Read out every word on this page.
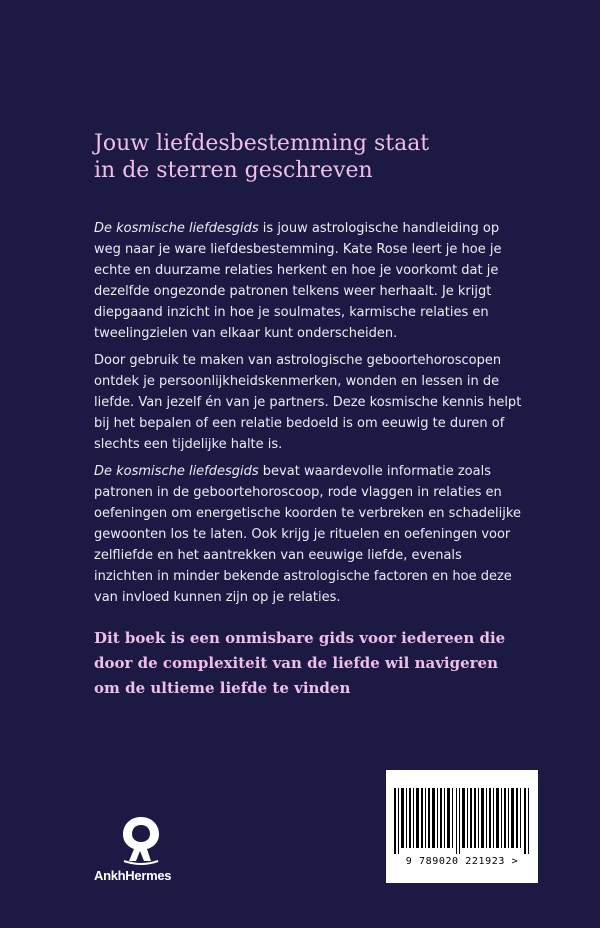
Jouw liefdesbestemming staat
in de sterren geschreven

De kosmische liefdesgids is jouw astrologische handleiding op weg naar je ware liefdesbestemming. Kate Rose leert je hoe je echte en duurzame relaties herkent en hoe je voorkomt dat je dezelfde ongezonde patronen telkens weer herhaalt. Je krijgt diepgaand inzicht in hoe je soulmates, karmische relaties en tweelingzielen van elkaar kunt onderscheiden.

Door gebruik te maken van astrologische geboortehoroscopen ontdek je persoonlijkheidskenmerken, wonden en lessen in de liefde. Van jezelf én van je partners. Deze kosmische kennis helpt bij het bepalen of een relatie bedoeld is om eeuwig te duren of slechts een tijdelijke halte is.

De kosmische liefdesgids bevat waardevolle informatie zoals patronen in de geboortehoroscoop, rode vlaggen in relaties en oefeningen om energetische koorden te verbreken en schadelijke gewoonten los te laten. Ook krijg je rituelen en oefeningen voor zelfliefde en het aantrekken van eeuwige liefde, evenals inzichten in minder bekende astrologische factoren en hoe deze van invloed kunnen zijn op je relaties.

Dit boek is een onmisbare gids voor iedereen die
door de complexiteit van de liefde wil navigeren
om de ultieme liefde te vinden

AnkhHermes
9 789020 221923 >
